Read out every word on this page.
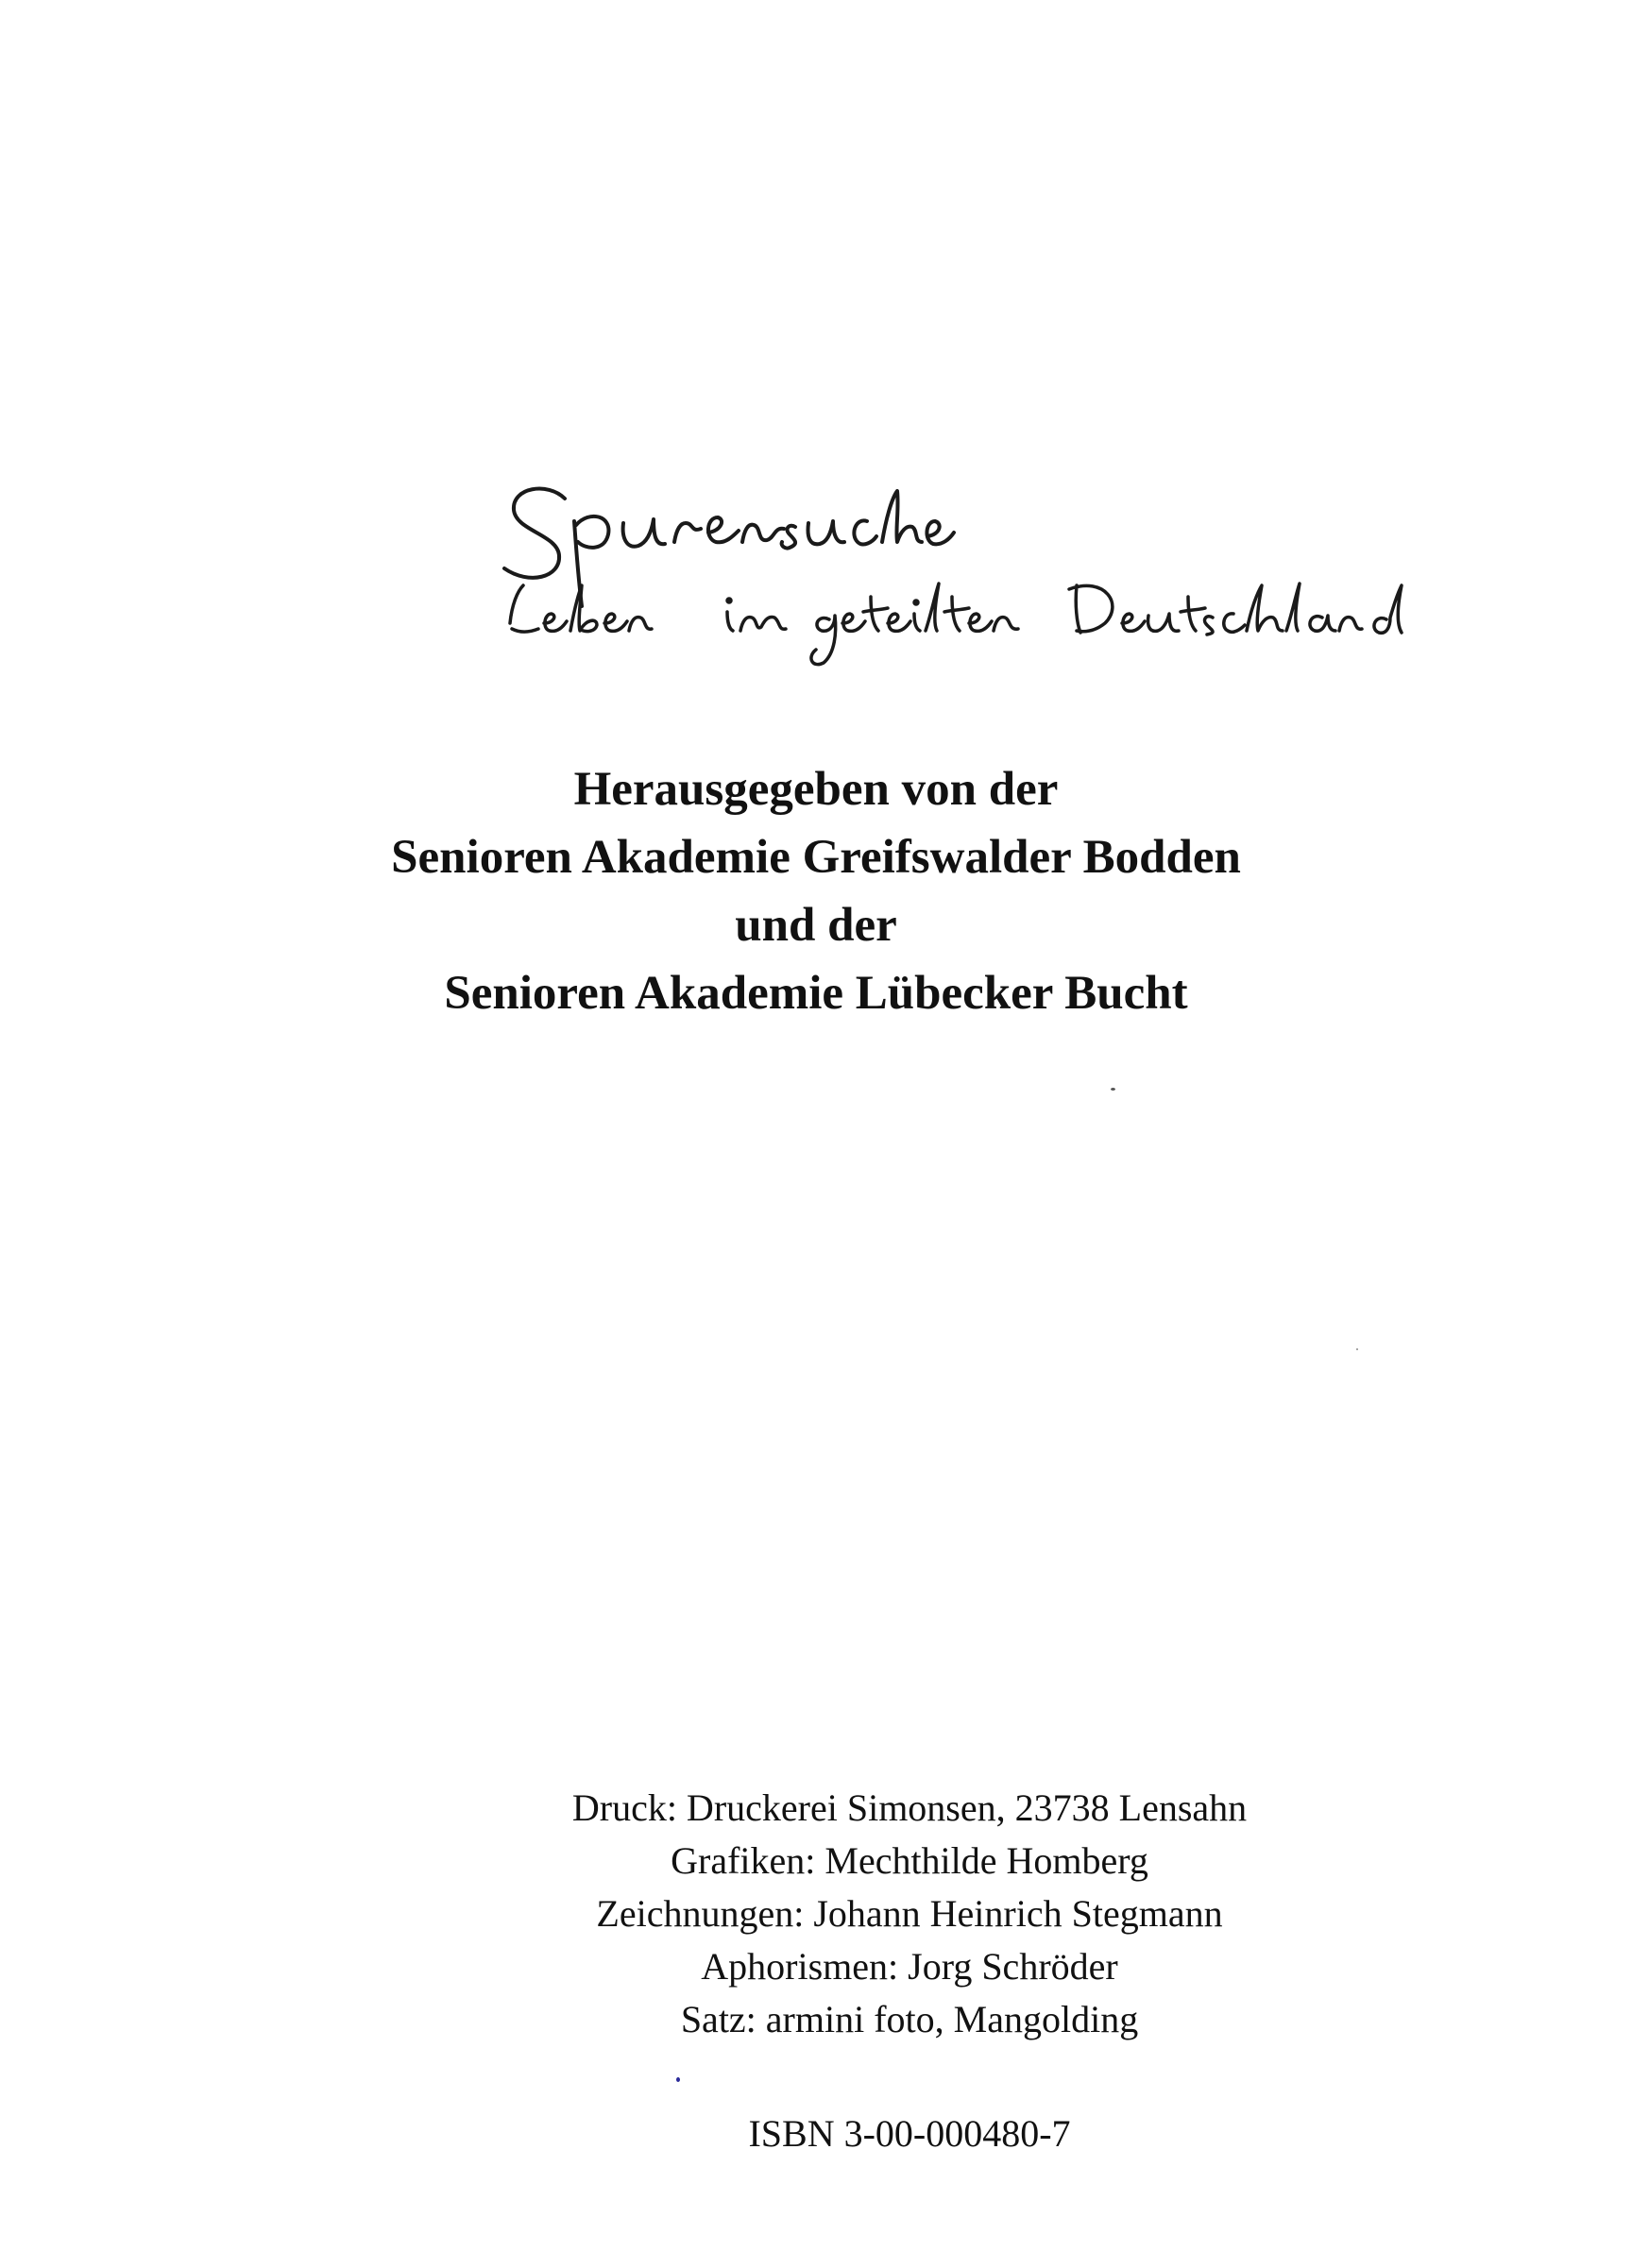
Herausgegeben von der
Senioren Akademie Greifswalder Bodden
und der
Senioren Akademie Lübecker Bucht
Druck: Druckerei Simonsen, 23738 Lensahn
Grafiken: Mechthilde Homberg
Zeichnungen: Johann Heinrich Stegmann
Aphorismen: Jorg Schröder
Satz: armini foto, Mangolding
ISBN 3-00-000480-7
